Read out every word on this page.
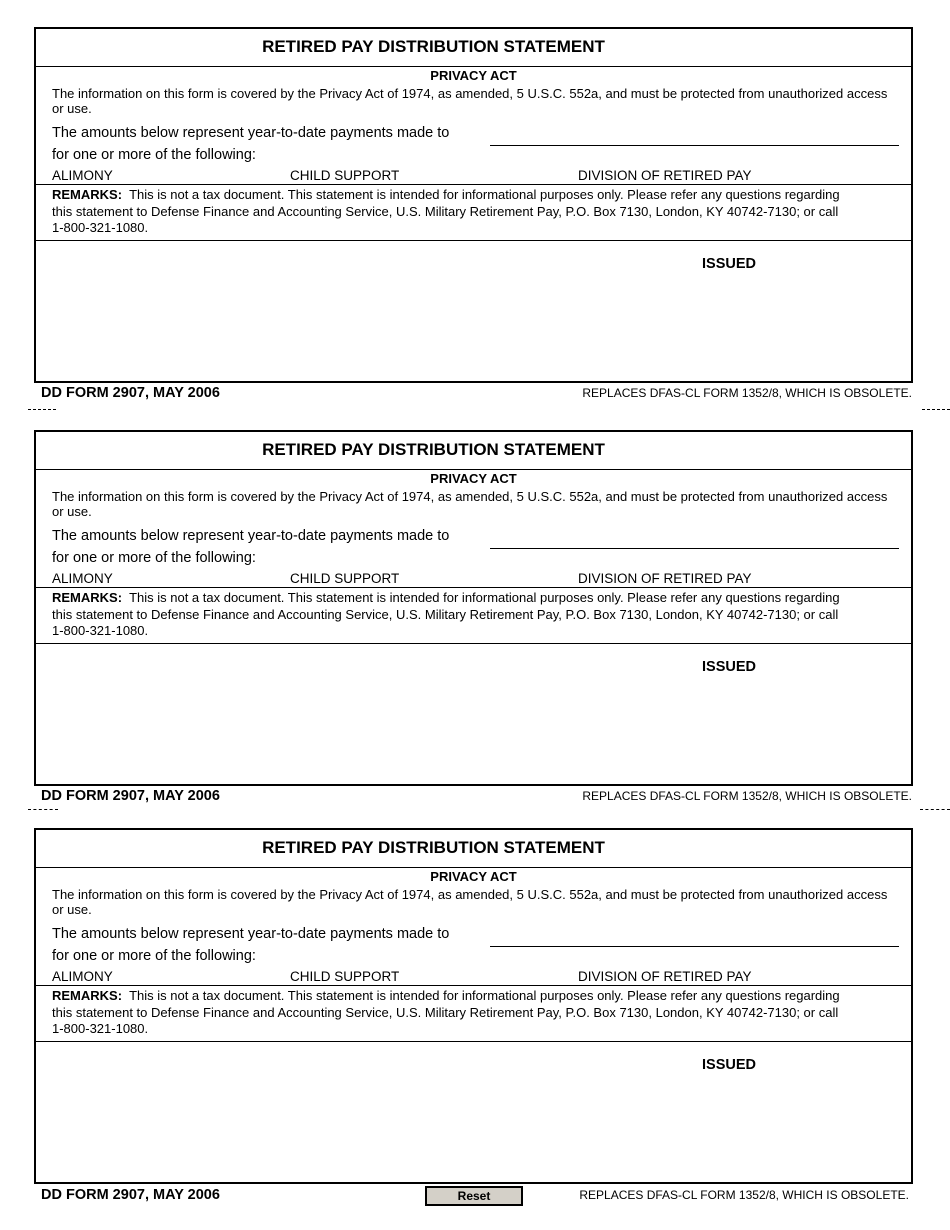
RETIRED PAY DISTRIBUTION STATEMENT
PRIVACY ACT
The information on this form is covered by the Privacy Act of 1974, as amended, 5 U.S.C. 552a, and must be protected from unauthorized access or use.
The amounts below represent year-to-date payments made to
for one or more of the following:
ALIMONY	CHILD SUPPORT	DIVISION OF RETIRED PAY
REMARKS: This is not a tax document. This statement is intended for informational purposes only. Please refer any questions regarding this statement to Defense Finance and Accounting Service, U.S. Military Retirement Pay, P.O. Box 7130, London, KY 40742-7130; or call 1-800-321-1080.
ISSUED
DD FORM 2907, MAY 2006	REPLACES DFAS-CL FORM 1352/8, WHICH IS OBSOLETE.
RETIRED PAY DISTRIBUTION STATEMENT
PRIVACY ACT
The information on this form is covered by the Privacy Act of 1974, as amended, 5 U.S.C. 552a, and must be protected from unauthorized access or use.
The amounts below represent year-to-date payments made to
for one or more of the following:
ALIMONY	CHILD SUPPORT	DIVISION OF RETIRED PAY
REMARKS: This is not a tax document. This statement is intended for informational purposes only. Please refer any questions regarding this statement to Defense Finance and Accounting Service, U.S. Military Retirement Pay, P.O. Box 7130, London, KY 40742-7130; or call 1-800-321-1080.
ISSUED
DD FORM 2907, MAY 2006	REPLACES DFAS-CL FORM 1352/8, WHICH IS OBSOLETE.
RETIRED PAY DISTRIBUTION STATEMENT
PRIVACY ACT
The information on this form is covered by the Privacy Act of 1974, as amended, 5 U.S.C. 552a, and must be protected from unauthorized access or use.
The amounts below represent year-to-date payments made to
for one or more of the following:
ALIMONY	CHILD SUPPORT	DIVISION OF RETIRED PAY
REMARKS: This is not a tax document. This statement is intended for informational purposes only. Please refer any questions regarding this statement to Defense Finance and Accounting Service, U.S. Military Retirement Pay, P.O. Box 7130, London, KY 40742-7130; or call 1-800-321-1080.
ISSUED
DD FORM 2907, MAY 2006	Reset	REPLACES DFAS-CL FORM 1352/8, WHICH IS OBSOLETE.
